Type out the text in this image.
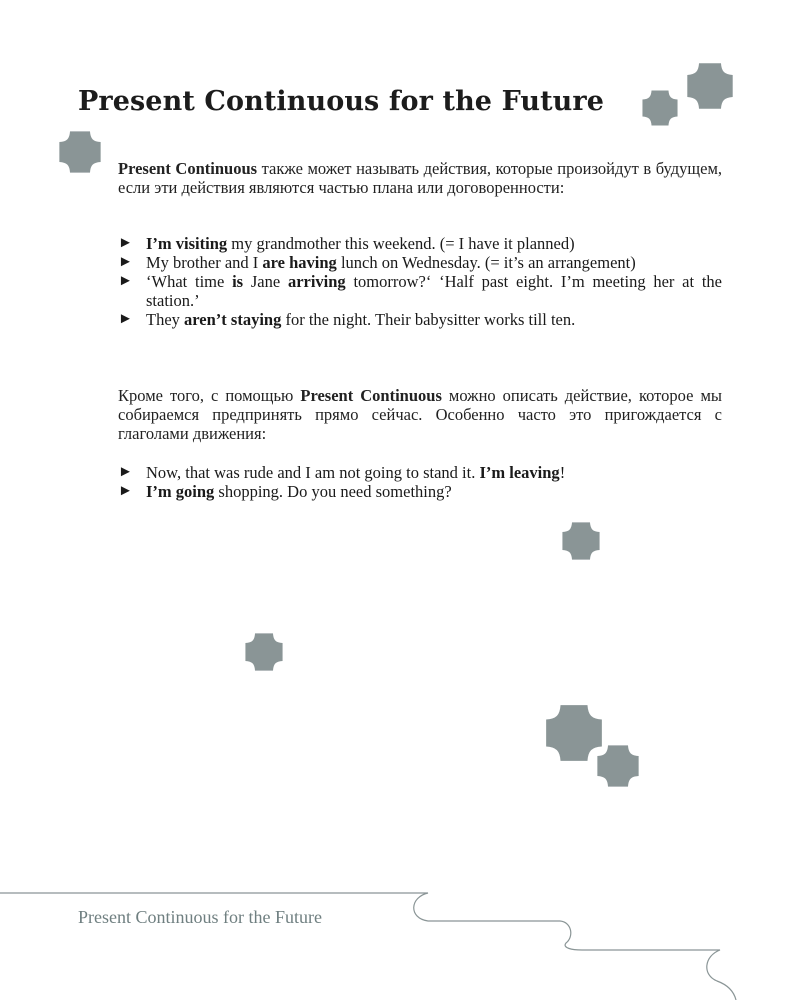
Present Continuous for the Future

Present Continuous также может называть действия, которые произойдут в будущем, если эти действия являются частью плана или договоренности:

► I’m visiting my grandmother this weekend. (= I have it planned)
► My brother and I are having lunch on Wednesday. (= it’s an arrangement)
► ‘What time is Jane arriving tomorrow?‘ ‘Half past eight. I’m meeting her at the station.’
► They aren’t staying for the night. Their babysitter works till ten.

Кроме того, с помощью Present Continuous можно описать действие, которое мы собираемся предпринять прямо сейчас. Особенно часто это пригождается с глаголами движения:

► Now, that was rude and I am not going to stand it. I’m leaving!
► I’m going shopping. Do you need something?
Present Continuous for the Future
